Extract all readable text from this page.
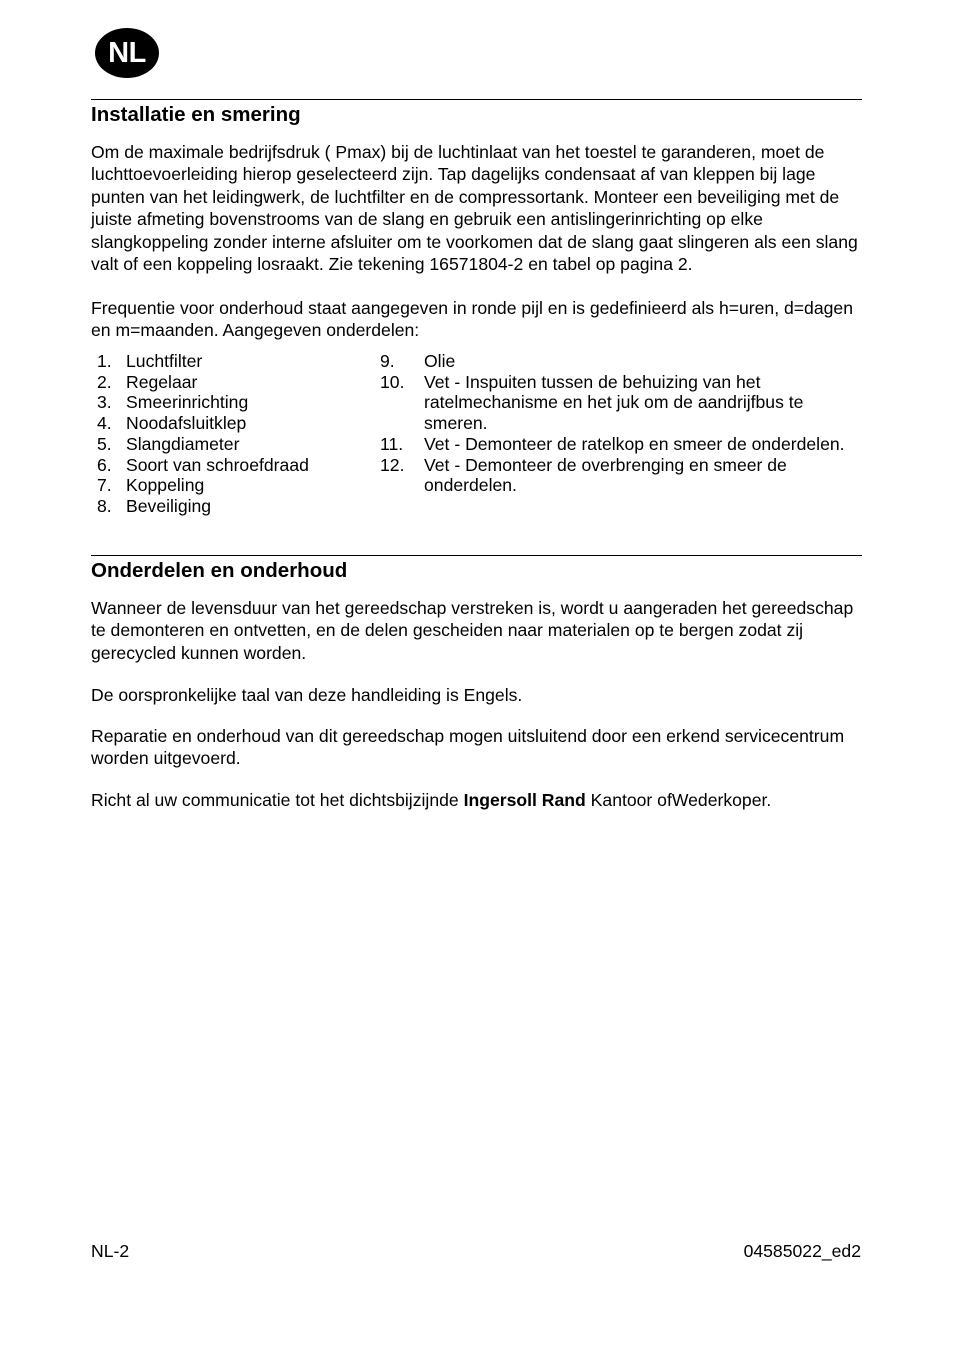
NL
Installatie en smering

Om de maximale bedrijfsdruk ( Pmax) bij de luchtinlaat van het toestel te garanderen, moet de luchttoevoerleiding hierop geselecteerd zijn. Tap dagelijks condensaat af van kleppen bij lage punten van het leidingwerk, de luchtfilter en de compressortank. Monteer een beveiliging met de juiste afmeting bovenstrooms van de slang en gebruik een antislingerinrichting op elke slangkoppeling zonder interne afsluiter om te voorkomen dat de slang gaat slingeren als een slang valt of een koppeling losraakt. Zie tekening 16571804-2 en tabel op pagina 2.

Frequentie voor onderhoud staat aangegeven in ronde pijl en is gedefinieerd als h=uren, d=dagen en m=maanden. Aangegeven onderdelen:

1. Luchtfilter
2. Regelaar
3. Smeerinrichting
4. Noodafsluitklep
5. Slangdiameter
6. Soort van schroefdraad
7. Koppeling
8. Beveiliging
9.	Olie
10.	Vet - Inspuiten tussen de behuizing van het ratelmechanisme en het juk om de aandrijfbus te smeren.
11.	Vet - Demonteer de ratelkop en smeer de onderdelen.
12.	Vet - Demonteer de overbrenging en smeer de onderdelen.
Onderdelen en onderhoud

Wanneer de levensduur van het gereedschap verstreken is, wordt u aangeraden het gereedschap te demonteren en ontvetten, en de delen gescheiden naar materialen op te bergen zodat zij gerecycled kunnen worden.

De oorspronkelijke taal van deze handleiding is Engels.

Reparatie en onderhoud van dit gereedschap mogen uitsluitend door een erkend servicecentrum worden uitgevoerd.

Richt al uw communicatie tot het dichtsbijzijnde Ingersoll Rand Kantoor ofWederkoper.

NL-2	04585022_ed2
